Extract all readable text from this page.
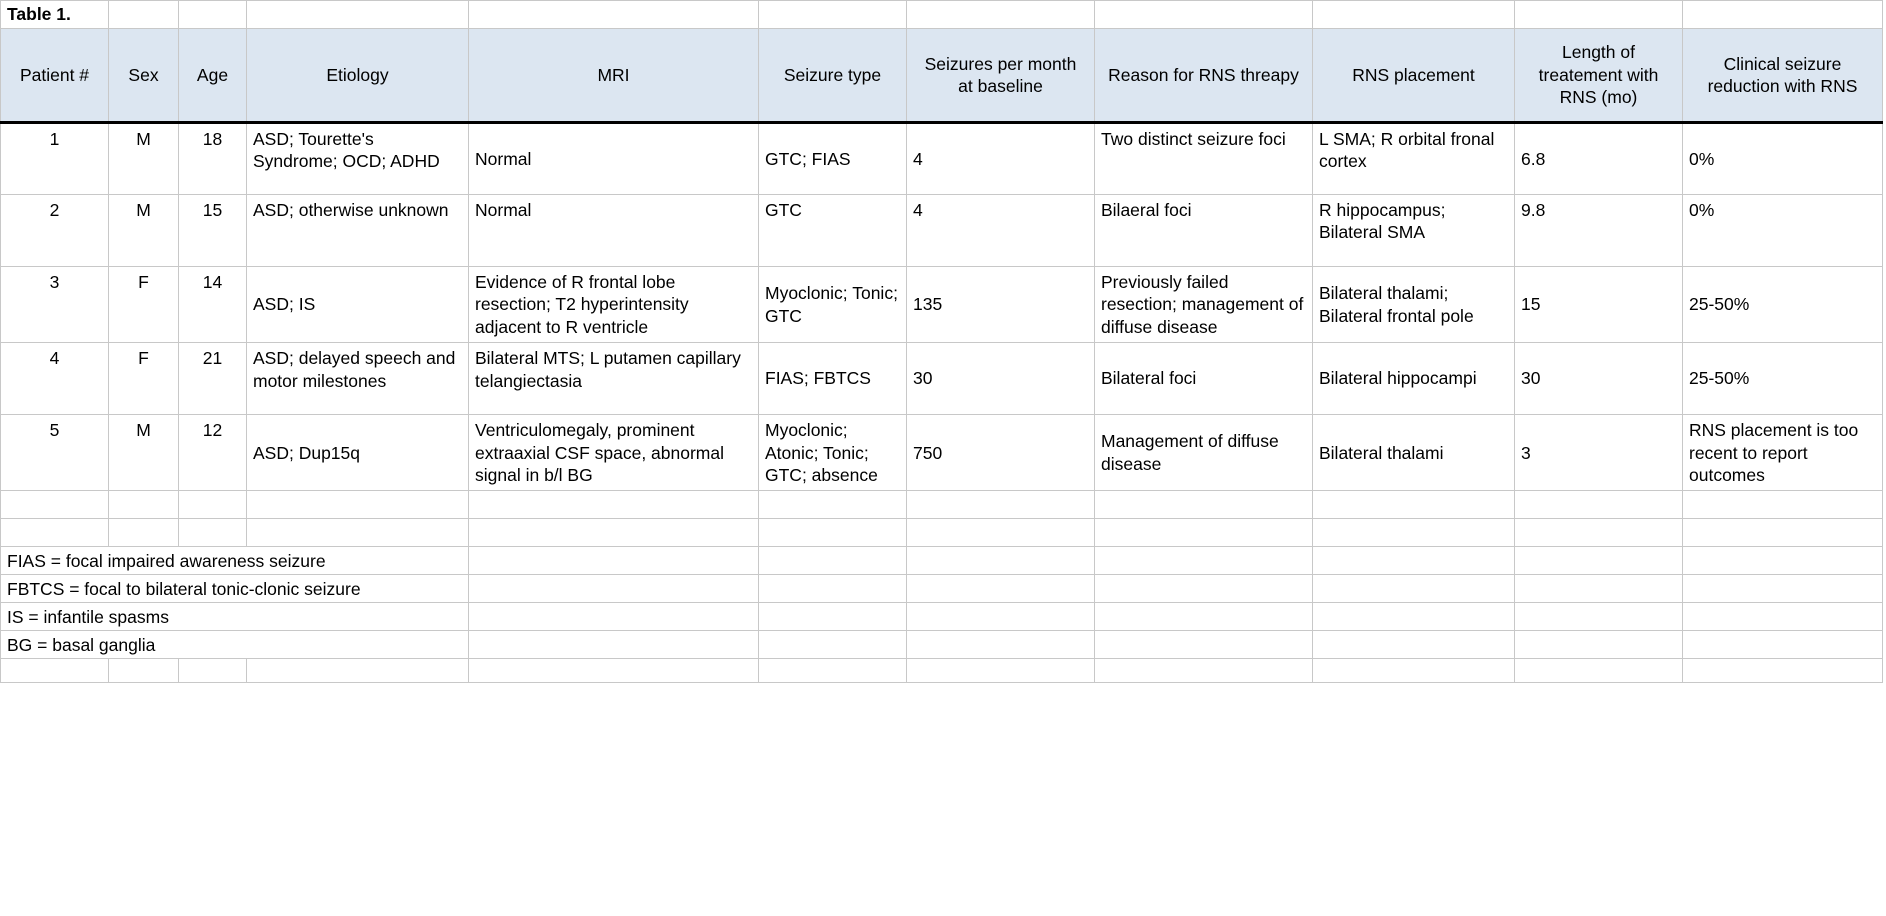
Table 1.										
Patient #	Sex	Age	Etiology	MRI	Seizure type	Seizures per month at baseline	Reason for RNS threapy	RNS placement	Length of treatement with RNS (mo)	Clinical seizure reduction with RNS
1	M	18	ASD; Tourette's Syndrome; OCD; ADHD	Normal	GTC; FIAS	4	Two distinct seizure foci	L SMA; R orbital fronal cortex	6.8	0%
2	M	15	ASD; otherwise unknown	Normal	GTC	4	Bilaeral foci	R hippocampus; Bilateral SMA	9.8	0%
3	F	14	ASD; IS	Evidence of R frontal lobe resection; T2 hyperintensity adjacent to R ventricle	Myoclonic; Tonic; GTC	135	Previously failed resection; management of diffuse disease	Bilateral thalami; Bilateral frontal pole	15	25-50%
4	F	21	ASD; delayed speech and motor milestones	Bilateral MTS; L putamen capillary telangiectasia	FIAS; FBTCS	30	Bilateral foci	Bilateral hippocampi	30	25-50%
5	M	12	ASD; Dup15q	Ventriculomegaly, prominent extraaxial CSF space, abnormal signal in b/l BG	Myoclonic; Atonic; Tonic; GTC; absence	750	Management of diffuse disease	Bilateral thalami	3	RNS placement is too recent to report outcomes

FIAS = focal impaired awareness seizure										
FBTCS = focal to bilateral tonic-clonic seizure										
IS = infantile spasms										
BG = basal ganglia										
